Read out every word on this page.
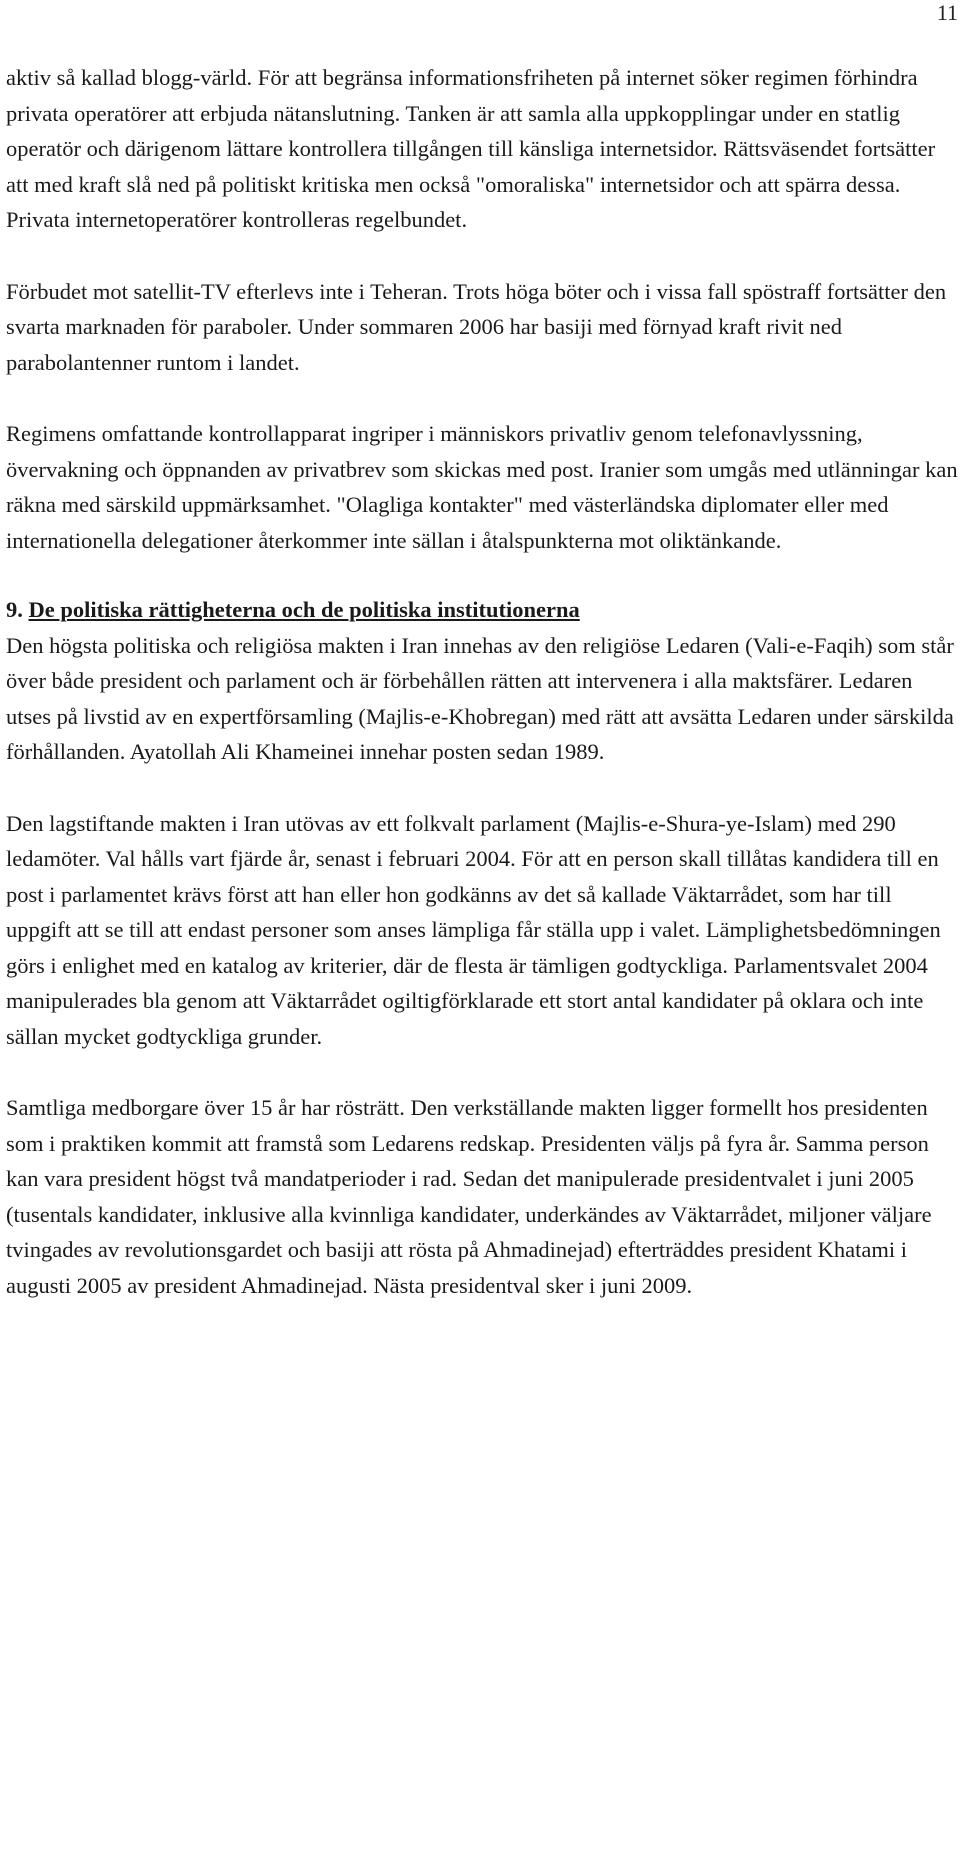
11

aktiv så kallad blogg-värld. För att begränsa informationsfriheten på internet söker regimen förhindra privata operatörer att erbjuda nätanslutning. Tanken är att samla alla uppkopplingar under en statlig operatör och därigenom lättare kontrollera tillgången till känsliga internetsidor. Rättsväsendet fortsätter att med kraft slå ned på politiskt kritiska men också "omoraliska" internetsidor och att spärra dessa. Privata internetoperatörer kontrolleras regelbundet.

Förbudet mot satellit-TV efterlevs inte i Teheran. Trots höga böter och i vissa fall spöstraff fortsätter den svarta marknaden för paraboler. Under sommaren 2006 har basiji med förnyad kraft rivit ned parabolantenner runtom i landet.

Regimens omfattande kontrollapparat ingriper i människors privatliv genom telefonavlyssning, övervakning och öppnanden av privatbrev som skickas med post. Iranier som umgås med utlänningar kan räkna med särskild uppmärksamhet. "Olagliga kontakter" med västerländska diplomater eller med internationella delegationer återkommer inte sällan i åtalspunkterna mot oliktänkande.

9. De politiska rättigheterna och de politiska institutionerna

Den högsta politiska och religiösa makten i Iran innehas av den religiöse Ledaren (Vali-e-Faqih) som står över både president och parlament och är förbehållen rätten att intervenera i alla maktsfärer. Ledaren utses på livstid av en expertförsamling (Majlis-e-Khobregan) med rätt att avsätta Ledaren under särskilda förhållanden. Ayatollah Ali Khameinei innehar posten sedan 1989.

Den lagstiftande makten i Iran utövas av ett folkvalt parlament (Majlis-e-Shura-ye-Islam) med 290 ledamöter. Val hålls vart fjärde år, senast i februari 2004. För att en person skall tillåtas kandidera till en post i parlamentet krävs först att han eller hon godkänns av det så kallade Väktarrådet, som har till uppgift att se till att endast personer som anses lämpliga får ställa upp i valet. Lämplighetsbedömningen görs i enlighet med en katalog av kriterier, där de flesta är tämligen godtyckliga. Parlamentsvalet 2004 manipulerades bla genom att Väktarrådet ogiltigförklarade ett stort antal kandidater på oklara och inte sällan mycket godtyckliga grunder.

Samtliga medborgare över 15 år har rösträtt. Den verkställande makten ligger formellt hos presidenten som i praktiken kommit att framstå som Ledarens redskap. Presidenten väljs på fyra år. Samma person kan vara president högst två mandatperioder i rad. Sedan det manipulerade presidentvalet i juni 2005 (tusentals kandidater, inklusive alla kvinnliga kandidater, underkändes av Väktarrådet, miljoner väljare tvingades av revolutionsgardet och basiji att rösta på Ahmadinejad) efterträddes president Khatami i augusti 2005 av president Ahmadinejad. Nästa presidentval sker i juni 2009.
